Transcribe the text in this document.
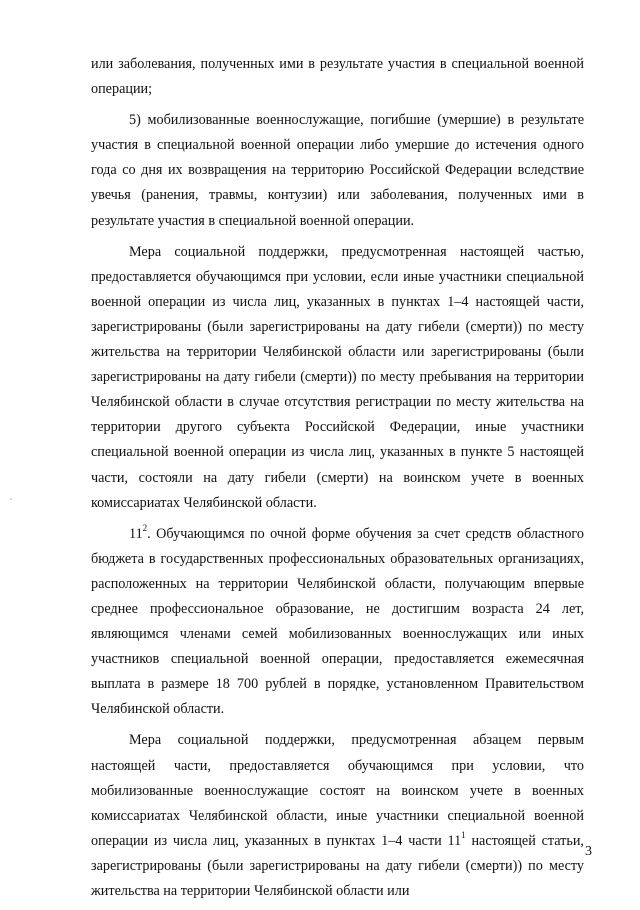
или заболевания, полученных ими в результате участия в специальной военной операции;

5) мобилизованные военнослужащие, погибшие (умершие) в результате участия в специальной военной операции либо умершие до истечения одного года со дня их возвращения на территорию Российской Федерации вследствие увечья (ранения, травмы, контузии) или заболевания, полученных ими в результате участия в специальной военной операции.

Мера социальной поддержки, предусмотренная настоящей частью, предоставляется обучающимся при условии, если иные участники специальной военной операции из числа лиц, указанных в пунктах 1–4 настоящей части, зарегистрированы (были зарегистрированы на дату гибели (смерти)) по месту жительства на территории Челябинской области или зарегистрированы (были зарегистрированы на дату гибели (смерти)) по месту пребывания на территории Челябинской области в случае отсутствия регистрации по месту жительства на территории другого субъекта Российской Федерации, иные участники специальной военной операции из числа лиц, указанных в пункте 5 настоящей части, состояли на дату гибели (смерти) на воинском учете в военных комиссариатах Челябинской области.

$11^2$. Обучающимся по очной форме обучения за счет средств областного бюджета в государственных профессиональных образовательных организациях, расположенных на территории Челябинской области, получающим впервые среднее профессиональное образование, не достигшим возраста 24 лет, являющимся членами семей мобилизованных военнослужащих или иных участников специальной военной операции, предоставляется ежемесячная выплата в размере 18 700 рублей в порядке, установленном Правительством Челябинской области.

Мера социальной поддержки, предусмотренная абзацем первым настоящей части, предоставляется обучающимся при условии, что мобилизованные военнослужащие состоят на воинском учете в военных комиссариатах Челябинской области, иные участники специальной военной операции из числа лиц, указанных в пунктах 1–4 части $11^1$ настоящей статьи, зарегистрированы (были зарегистрированы на дату гибели (смерти)) по месту жительства на территории Челябинской области или

3
